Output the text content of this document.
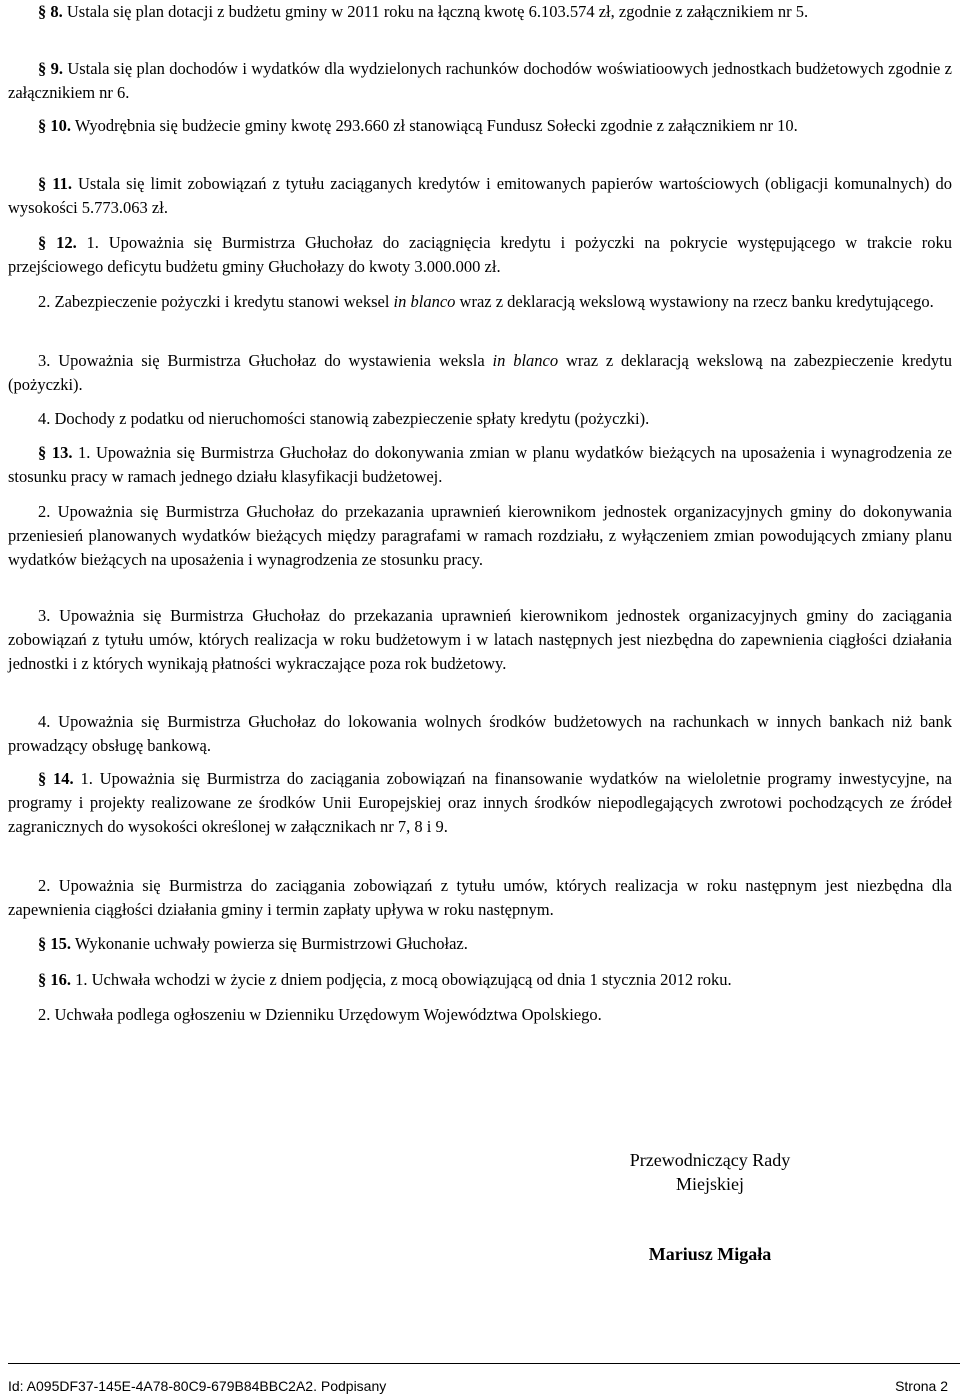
§ 8. Ustala się plan dotacji z budżetu gminy w 2011 roku na łączną kwotę 6.103.574 zł, zgodnie z załącznikiem nr 5.

§ 9. Ustala się plan dochodów i wydatków dla wydzielonych rachunków dochodów woświatioowych jednostkach budżetowych zgodnie z załącznikiem nr 6.

§ 10. Wyodrębnia się budżecie gminy kwotę 293.660 zł stanowiącą Fundusz Sołecki zgodnie z załącznikiem nr 10.

§ 11. Ustala się limit zobowiązań z tytułu zaciąganych kredytów i emitowanych papierów wartościowych (obligacji komunalnych) do wysokości 5.773.063 zł.

§ 12. 1. Upoważnia się Burmistrza Głuchołaz do zaciągnięcia kredytu i pożyczki na pokrycie występującego w trakcie roku przejściowego deficytu budżetu gminy Głuchołazy do kwoty 3.000.000 zł.

2. Zabezpieczenie pożyczki i kredytu stanowi weksel in blanco wraz z deklaracją wekslową wystawiony na rzecz banku kredytującego.

3. Upoważnia się Burmistrza Głuchołaz do wystawienia weksla in blanco wraz z deklaracją wekslową na zabezpieczenie kredytu (pożyczki).

4. Dochody z podatku od nieruchomości stanowią zabezpieczenie spłaty kredytu (pożyczki).

§ 13. 1. Upoważnia się Burmistrza Głuchołaz do dokonywania zmian w planu wydatków bieżących na uposażenia i wynagrodzenia ze stosunku pracy w ramach jednego działu klasyfikacji budżetowej.

2. Upoważnia się Burmistrza Głuchołaz do przekazania uprawnień kierownikom jednostek organizacyjnych gminy do dokonywania przeniesień planowanych wydatków bieżących między paragrafami w ramach rozdziału, z wyłączeniem zmian powodujących zmiany planu wydatków bieżących na uposażenia i wynagrodzenia ze stosunku pracy.

3. Upoważnia się Burmistrza Głuchołaz do przekazania uprawnień kierownikom jednostek organizacyjnych gminy do zaciągania zobowiązań z tytułu umów, których realizacja w roku budżetowym i w latach następnych jest niezbędna do zapewnienia ciągłości działania jednostki i z których wynikają płatności wykraczające poza rok budżetowy.

4. Upoważnia się Burmistrza Głuchołaz do lokowania wolnych środków budżetowych na rachunkach w innych bankach niż bank prowadzący obsługę bankową.

§ 14. 1. Upoważnia się Burmistrza do zaciągania zobowiązań na finansowanie wydatków na wieloletnie programy inwestycyjne, na programy i projekty realizowane ze środków Unii Europejskiej oraz innych środków niepodlegających zwrotowi pochodzących ze źródeł zagranicznych do wysokości określonej w załącznikach nr 7, 8 i 9.

2. Upoważnia się Burmistrza do zaciągania zobowiązań z tytułu umów, których realizacja w roku następnym jest niezbędna dla zapewnienia ciągłości działania gminy i termin zapłaty upływa w roku następnym.

§ 15. Wykonanie uchwały powierza się Burmistrzowi Głuchołaz.

§ 16. 1. Uchwała wchodzi w życie z dniem podjęcia, z mocą obowiązującą od dnia 1 stycznia 2012 roku.

2. Uchwała podlega ogłoszeniu w Dzienniku Urzędowym Województwa Opolskiego.

Przewodniczący Rady
Miejskiej
Mariusz Migała
Id: A095DF37-145E-4A78-80C9-679B84BBC2A2. Podpisany	Strona 2
